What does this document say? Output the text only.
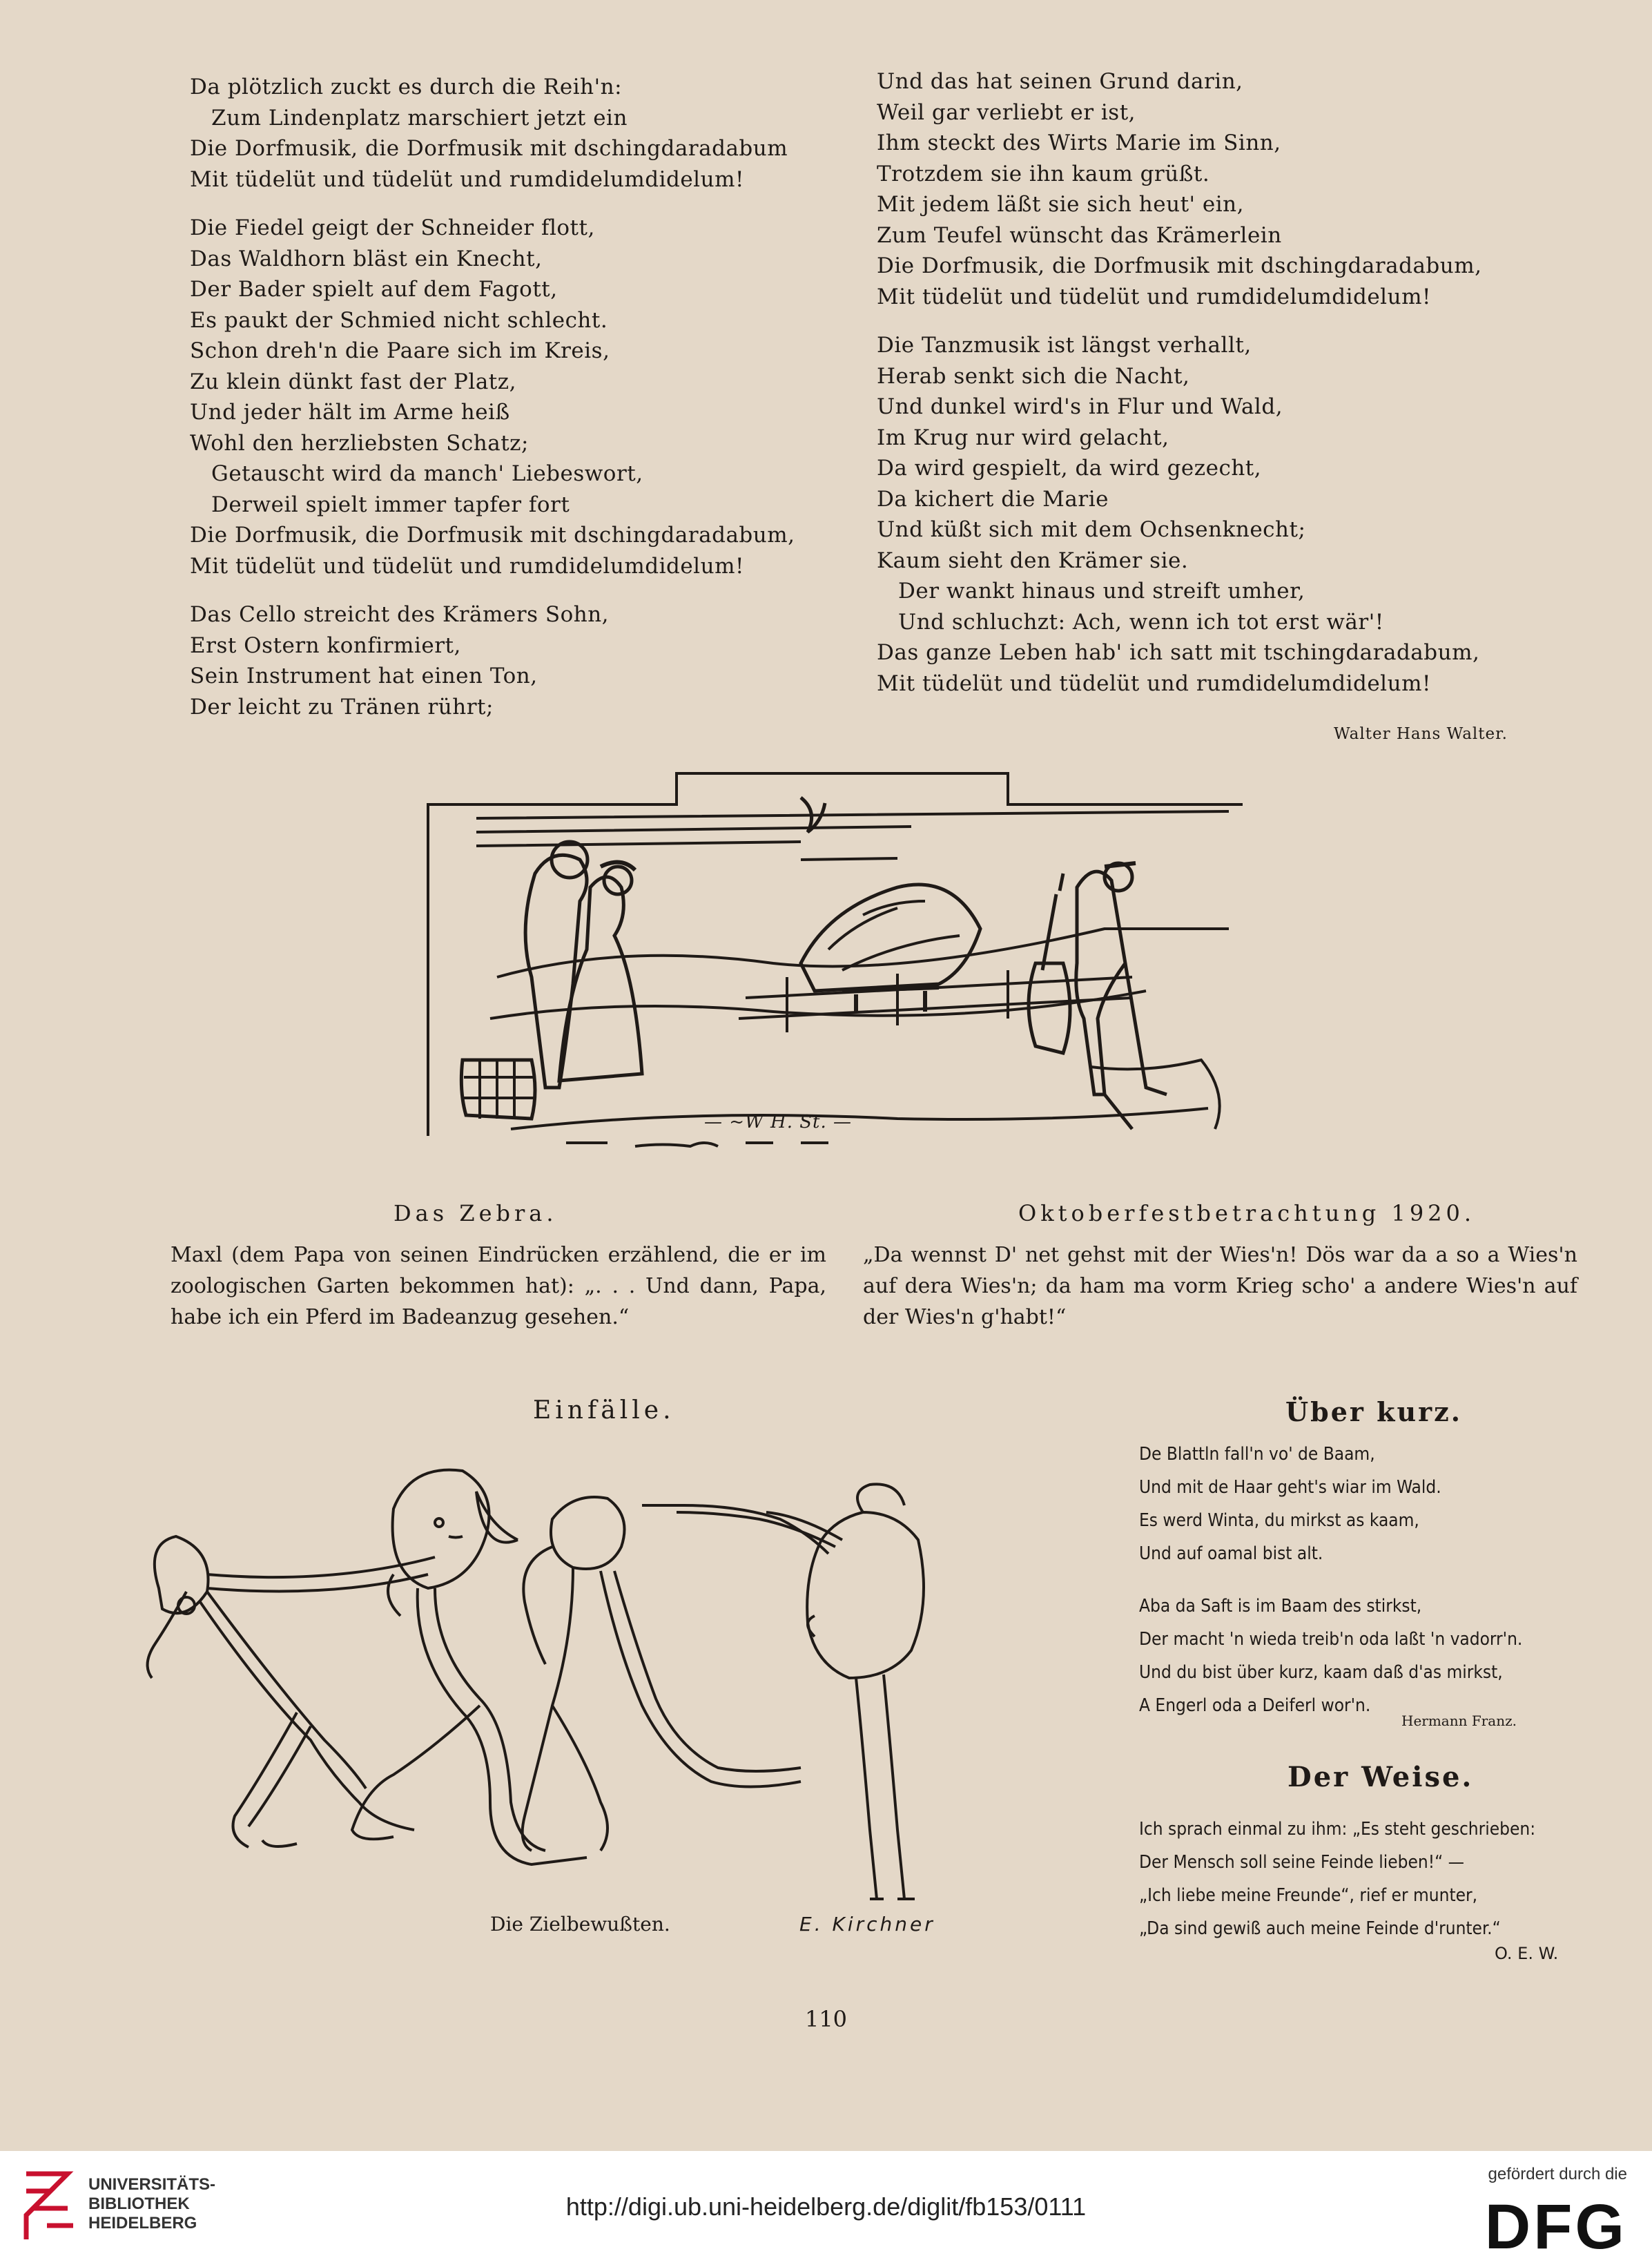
Da plötzlich zuckt es durch die Reih'n:
Zum Lindenplatz marschiert jetzt ein
Die Dorfmusik, die Dorfmusik mit dschingdaradabum
Mit tüdelüt und tüdelüt und rumdidelumdidelum!
Die Fiedel geigt der Schneider flott,
Das Waldhorn bläst ein Knecht,
Der Bader spielt auf dem Fagott,
Es paukt der Schmied nicht schlecht.
Schon dreh'n die Paare sich im Kreis,
Zu klein dünkt fast der Platz,
Und jeder hält im Arme heiß
Wohl den herzliebsten Schatz;
Getauscht wird da manch' Liebeswort,
Derweil spielt immer tapfer fort
Die Dorfmusik, die Dorfmusik mit dschingdaradabum,
Mit tüdelüt und tüdelüt und rumdidelumdidelum!
Das Cello streicht des Krämers Sohn,
Erst Ostern konfirmiert,
Sein Instrument hat einen Ton,
Der leicht zu Tränen rührt;
Und das hat seinen Grund darin,
Weil gar verliebt er ist,
Ihm steckt des Wirts Marie im Sinn,
Trotzdem sie ihn kaum grüßt.
Mit jedem läßt sie sich heut' ein,
Zum Teufel wünscht das Krämerlein
Die Dorfmusik, die Dorfmusik mit dschingdaradabum,
Mit tüdelüt und tüdelüt und rumdidelumdidelum!
Die Tanzmusik ist längst verhallt,
Herab senkt sich die Nacht,
Und dunkel wird's in Flur und Wald,
Im Krug nur wird gelacht,
Da wird gespielt, da wird gezecht,
Da kichert die Marie
Und küßt sich mit dem Ochsenknecht;
Kaum sieht den Krämer sie.
Der wankt hinaus und streift umher,
Und schluchzt: Ach, wenn ich tot erst wär'!
Das ganze Leben hab' ich satt mit tschingdaradabum,
Mit tüdelüt und tüdelüt und rumdidelumdidelum!
Walter Hans Walter.
— ~W H. St. —
Das Zebra.
Maxl (dem Papa von seinen Eindrücken erzählend, die er im zoologischen Garten bekommen hat): „. . . Und dann, Papa, habe ich ein Pferd im Badeanzug gesehen.“
Oktoberfestbetrachtung 1920.
„Da wennst D' net gehst mit der Wies'n! Dös war da a so a Wies'n auf dera Wies'n; da ham ma vorm Krieg scho' a andere Wies'n auf der Wies'n g'habt!“
Einfälle.
Die Zielbewußten.	E. Kirchner
Über kurz.
De Blattln fall'n vo' de Baam,
Und mit de Haar geht's wiar im Wald.
Es werd Winta, du mirkst as kaam,
Und auf oamal bist alt.
Aba da Saft is im Baam des stirkst,
Der macht 'n wieda treib'n oda laßt 'n vadorr'n.
Und du bist über kurz, kaam daß d'as mirkst,
A Engerl oda a Deiferl wor'n.
Hermann Franz.
Der Weise.
Ich sprach einmal zu ihm: „Es steht geschrieben:
Der Mensch soll seine Feinde lieben!“ —
„Ich liebe meine Freunde“, rief er munter,
„Da sind gewiß auch meine Feinde d'runter.“
O. E. W.
110
UNIVERSITÄTS-
BIBLIOTHEK
HEIDELBERG
http://digi.ub.uni-heidelberg.de/diglit/fb153/0111
gefördert durch die
DFG
